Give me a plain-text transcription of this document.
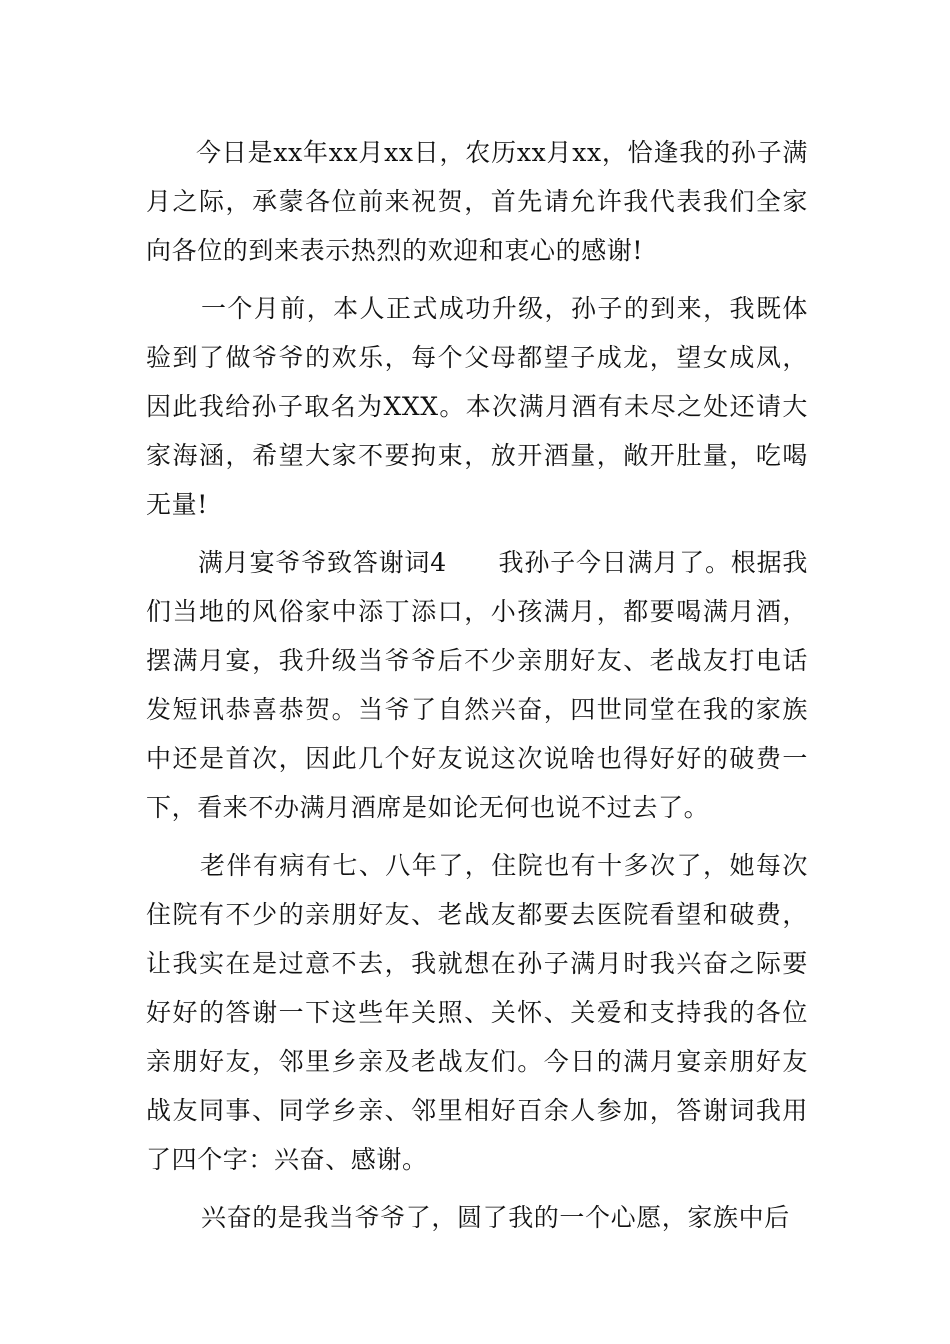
今日是xx年xx月xx日，农历xx月xx，恰逢我的孙子满月之际，承蒙各位前来祝贺，首先请允许我代表我们全家向各位的到来表示热烈的欢迎和衷心的感谢!

一个月前，本人正式成功升级，孙子的到来，我既体验到了做爷爷的欢乐，每个父母都望子成龙，望女成凤，因此我给孙子取名为XXX。本次满月酒有未尽之处还请大家海涵，希望大家不要拘束，放开酒量，敞开肚量，吃喝无量!

满月宴爷爷致答谢词4　　我孙子今日满月了。根据我们当地的风俗家中添丁添口，小孩满月，都要喝满月酒，摆满月宴，我升级当爷爷后不少亲朋好友、老战友打电话发短讯恭喜恭贺。当爷了自然兴奋，四世同堂在我的家族中还是首次，因此几个好友说这次说啥也得好好的破费一下，看来不办满月酒席是如论无何也说不过去了。

老伴有病有七、八年了，住院也有十多次了，她每次住院有不少的亲朋好友、老战友都要去医院看望和破费，让我实在是过意不去，我就想在孙子满月时我兴奋之际要好好的答谢一下这些年关照、关怀、关爱和支持我的各位亲朋好友，邻里乡亲及老战友们。今日的满月宴亲朋好友战友同事、同学乡亲、邻里相好百余人参加，答谢词我用了四个字：兴奋、感谢。

兴奋的是我当爷爷了，圆了我的一个心愿，家族中后
